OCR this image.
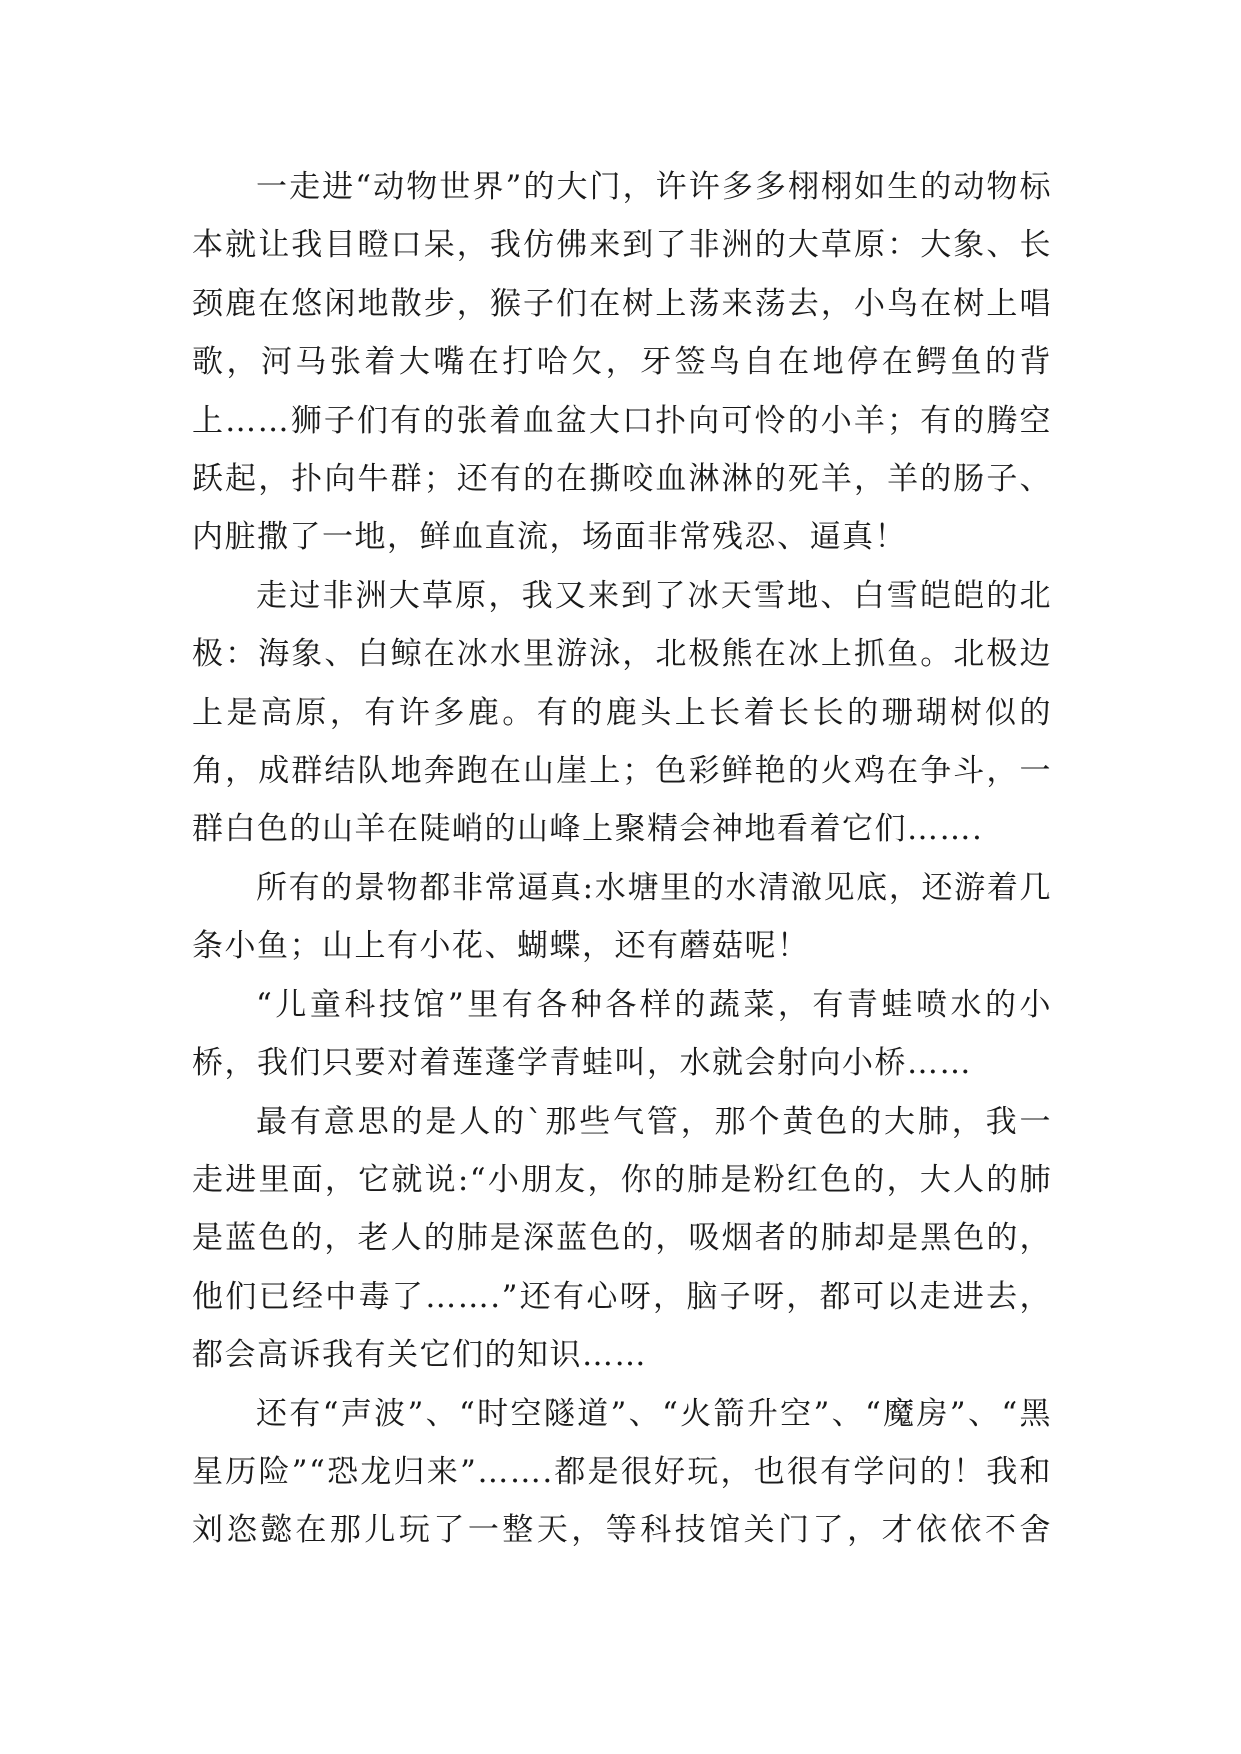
一走进“动物世界”的大门，许许多多栩栩如生的动物标本就让我目瞪口呆，我仿佛来到了非洲的大草原：大象、长颈鹿在悠闲地散步，猴子们在树上荡来荡去，小鸟在树上唱歌，河马张着大嘴在打哈欠，牙签鸟自在地停在鳄鱼的背上……狮子们有的张着血盆大口扑向可怜的小羊；有的腾空跃起，扑向牛群；还有的在撕咬血淋淋的死羊，羊的肠子、内脏撒了一地，鲜血直流，场面非常残忍、逼真！

走过非洲大草原，我又来到了冰天雪地、白雪皑皑的北极：海象、白鲸在冰水里游泳，北极熊在冰上抓鱼。北极边上是高原，有许多鹿。有的鹿头上长着长长的珊瑚树似的角，成群结队地奔跑在山崖上；色彩鲜艳的火鸡在争斗，一群白色的山羊在陡峭的山峰上聚精会神地看着它们…….

所有的景物都非常逼真:水塘里的水清澈见底，还游着几条小鱼；山上有小花、蝴蝶，还有蘑菇呢！

“儿童科技馆”里有各种各样的蔬菜，有青蛙喷水的小桥，我们只要对着莲蓬学青蛙叫，水就会射向小桥……

最有意思的是人的`那些气管，那个黄色的大肺，我一走进里面，它就说:“小朋友，你的肺是粉红色的，大人的肺是蓝色的，老人的肺是深蓝色的，吸烟者的肺却是黑色的，他们已经中毒了…….”还有心呀，脑子呀，都可以走进去，都会高诉我有关它们的知识……

还有“声波”、“时空隧道”、“火箭升空”、“魔房”、“黑星历险”“恐龙归来”…….都是很好玩，也很有学问的！我和刘恣懿在那儿玩了一整天，等科技馆关门了，才依依不舍
